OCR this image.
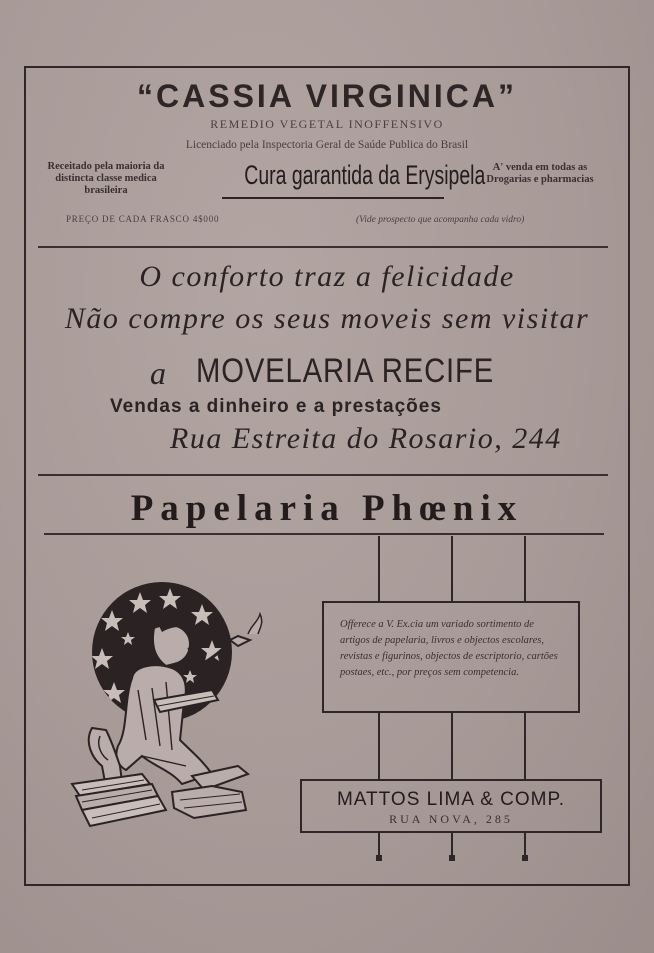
“CASSIA VIRGINICA”
REMEDIO VEGETAL INOFFENSIVO
Licenciado pela Inspectoria Geral de Saúde Publica do Brasil
Receitado pela maioria da distincta classe medica brasileira
Cura garantida da Erysipela A' venda em todas as Drogarias e pharmacias
PREÇO DE CADA FRASCO 4$000	(Vide prospecto que acompanha cada vidro)
O conforto traz a felicidade
Não compre os seus moveis sem visitar
a MOVELARIA RECIFE
Vendas a dinheiro e a prestações
Rua Estreita do Rosario, 244
Papelaria Phœnix
Offerece a V. Ex.cia um variado sortimento de artigos de papelaria, livros e objectos escolares, revistas e figurinos, objectos de escriptorio, cartões postaes, etc., por preços sem competencia.
MATTOS LIMA & COMP.
RUA NOVA, 285
